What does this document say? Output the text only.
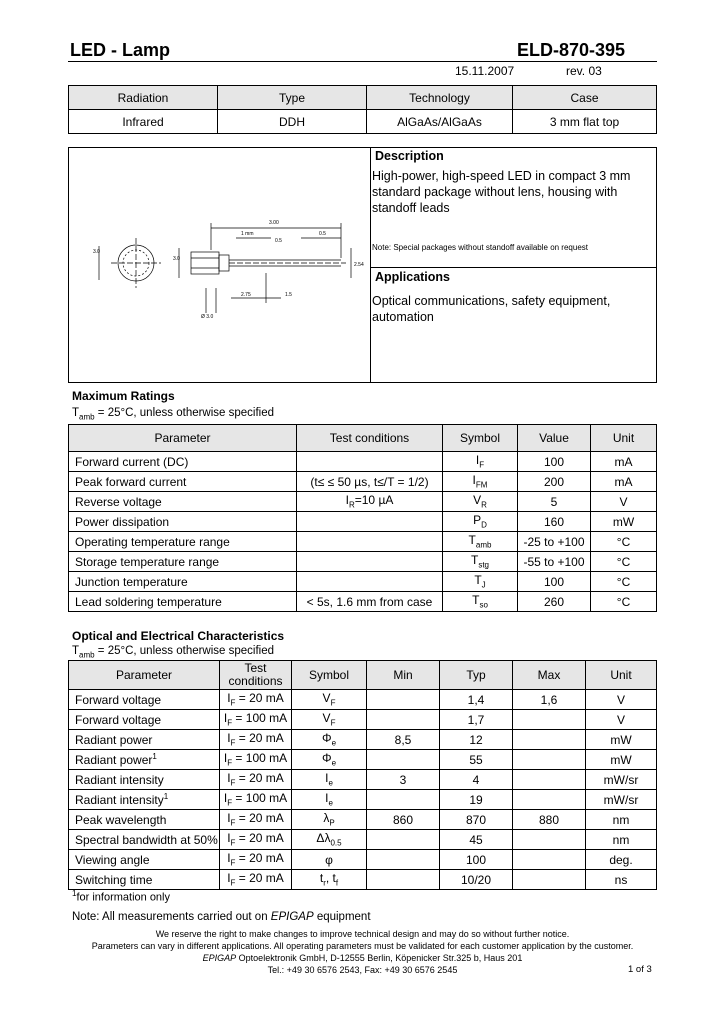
LED - Lamp	ELD-870-395
15.11.2007	rev. 03
Radiation	Type	Technology	Case
Infrared	DDH	AlGaAs/AlGaAs	3 mm flat top
3.00
1 mm	0.5
0.5
1.5
2.75
2.54
3.0
3.0
Ø 3.0
Description
High-power, high-speed LED in compact 3 mm standard package without lens, housing with standoff leads
Note: Special packages without standoff available on request
Applications
Optical communications, safety equipment, automation
Maximum Ratings
$T_{amb} = 25^\circ C$, unless otherwise specified
Parameter	Test conditions	Symbol	Value	Unit
Forward current (DC)		$I_F$	100	mA
Peak forward current	(t≤ ≤ 50 µs, t≤/T = 1/2)	$I_{FM}$	200	mA
Reverse voltage	$I_R=10$ µA	$V_R$	5	V
Power dissipation		$P_D$	160	mW
Operating temperature range		$T_{amb}$	-25 to +100	°C
Storage temperature range		$T_{stg}$	-55 to +100	°C
Junction temperature		$T_J$	100	°C
Lead soldering temperature	< 5s, 1.6 mm from case	$T_{so}$	260	°C
Optical and Electrical Characteristics
$T_{amb} = 25^\circ C$, unless otherwise specified
Parameter	Test conditions	Symbol	Min	Typ	Max	Unit
Forward voltage	$I_F = 20$ mA	$V_F$		1,4	1,6	V
Forward voltage	$I_F = 100$ mA	$V_F$		1,7		V
Radiant power	$I_F = 20$ mA	$\Phi_e$	8,5	12		mW
Radiant power$^1$	$I_F = 100$ mA	$\Phi_e$		55		mW
Radiant intensity	$I_F = 20$ mA	$I_e$	3	4		mW/sr
Radiant intensity$^1$	$I_F = 100$ mA	$I_e$		19		mW/sr
Peak wavelength	$I_F = 20$ mA	$\lambda_P$	860	870	880	nm
Spectral bandwidth at 50%	$I_F = 20$ mA	$\Delta\lambda_{0.5}$		45		nm
Viewing angle	$I_F = 20$ mA	φ		100		deg.
Switching time	$I_F = 20$ mA	$t_r$, $t_f$		10/20		ns
$^1$for information only
Note: All measurements carried out on EPIGAP equipment
We reserve the right to make changes to improve technical design and may do so without further notice.
Parameters can vary in different applications. All operating parameters must be validated for each customer application by the customer.
EPIGAP Optoelektronik GmbH, D-12555 Berlin, Köpenicker Str.325 b, Haus 201
Tel.: +49 30 6576 2543, Fax: +49 30 6576 2545	1 of 3
